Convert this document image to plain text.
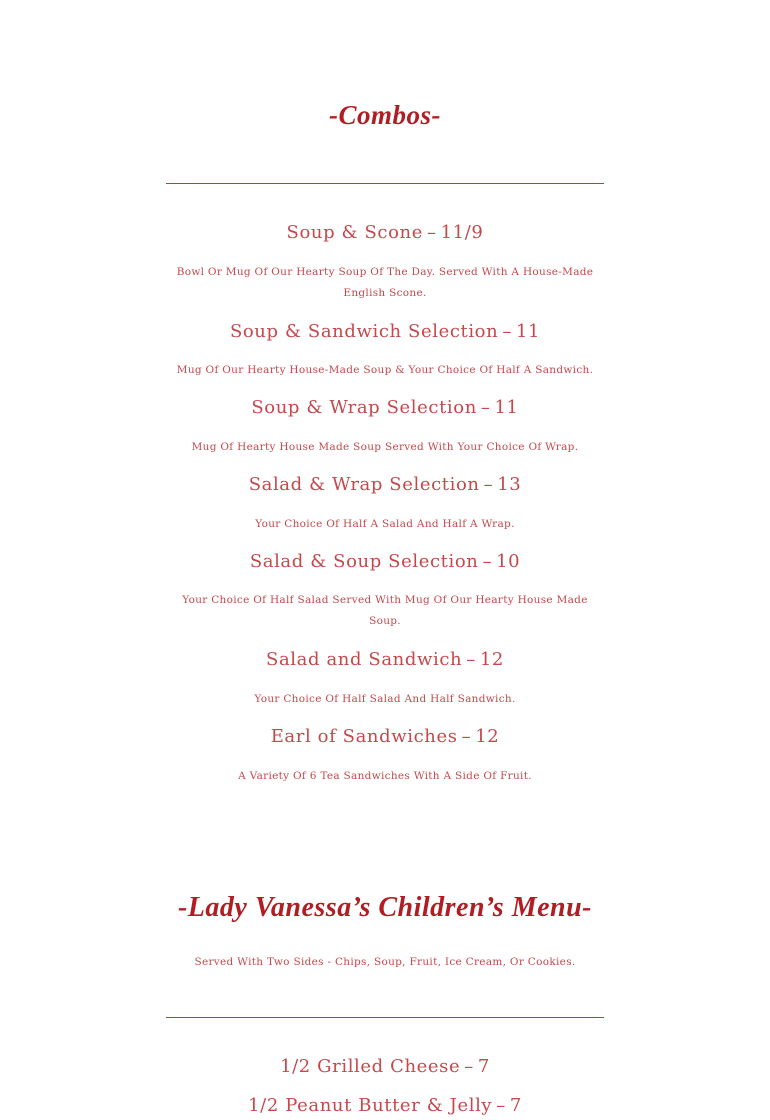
-Combos-

Soup & Scone – 11/9

Bowl Or Mug Of Our Hearty Soup Of The Day. Served With A House-Made English Scone.

Soup & Sandwich Selection – 11

Mug Of Our Hearty House-Made Soup & Your Choice Of Half A Sandwich.

Soup & Wrap Selection – 11

Mug Of Hearty House Made Soup Served With Your Choice Of Wrap.

Salad & Wrap Selection – 13

Your Choice Of Half A Salad And Half A Wrap.

Salad & Soup Selection – 10

Your Choice Of Half Salad Served With Mug Of Our Hearty House Made Soup.

Salad and Sandwich – 12

Your Choice Of Half Salad And Half Sandwich.

Earl of Sandwiches – 12

A Variety Of 6 Tea Sandwiches With A Side Of Fruit.

-Lady Vanessa’s Children’s Menu-

Served With Two Sides - Chips, Soup, Fruit, Ice Cream, Or Cookies.

1/2 Grilled Cheese – 7

1/2 Peanut Butter & Jelly – 7
